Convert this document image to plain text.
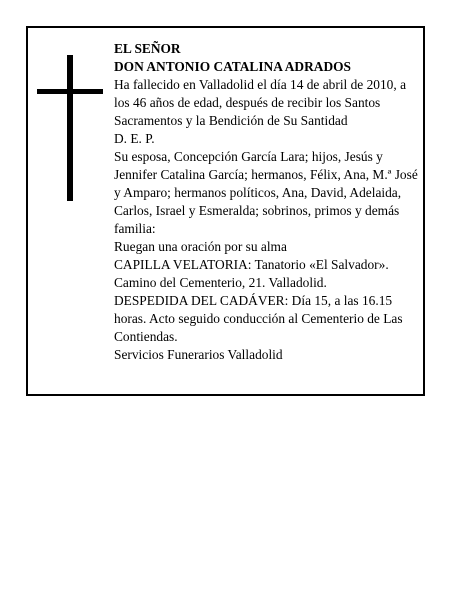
EL SEÑOR

DON ANTONIO CATALINA ADRADOS

Ha fallecido en Valladolid el día 14 de abril de 2010, a los 46 años de edad, después de recibir los Santos Sacramentos y la Bendición de Su Santidad

D. E. P.

Su esposa, Concepción García Lara; hijos, Jesús y Jennifer Catalina García; hermanos, Félix, Ana, M.ª José y Amparo; hermanos políticos, Ana, David, Adelaida, Carlos, Israel y Esmeralda; sobrinos, primos y demás familia:

Ruegan una oración por su alma

CAPILLA VELATORIA: Tanatorio «El Salvador». Camino del Cementerio, 21. Valladolid.

DESPEDIDA DEL CADÁVER: Día 15, a las 16.15 horas. Acto seguido conducción al Cementerio de Las Contiendas.

Servicios Funerarios Valladolid
